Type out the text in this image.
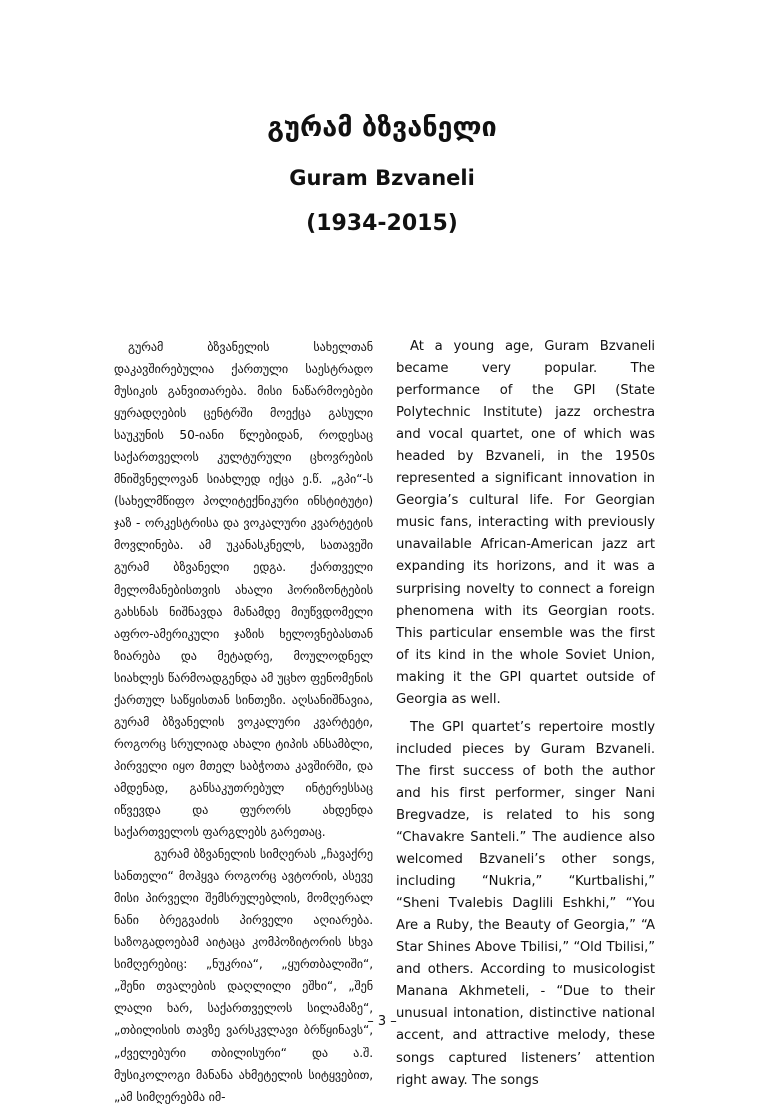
გურამ ბზვანელი
Guram Bzvaneli
(1934-2015)

გურამ ბზვანელის სახელთან დაკავშირებულია ქართული საესტრადო მუსიკის განვითარება. მისი ნაწარმოებები ყურადღების ცენტრში მოექცა გასული საუკუნის 50-იანი წლებიდან, როდესაც საქართველოს კულტურული ცხოვრების მნიშვნელოვან სიახლედ იქცა ე.წ. „გპი“-ს (სახელმწიფო პოლიტექნიკური ინსტიტუტი) ჯაზ - ორკესტრისა და ვოკალური კვარტეტის მოვლინება. ამ უკანასკნელს, სათავეში გურამ ბზვანელი ედგა. ქართველი მელომანებისთვის ახალი ჰორიზონტების გახსნას ნიშნავდა მანამდე მიუწვდომელი აფრო-ამერიკული ჯაზის ხელოვნებასთან ზიარება და მეტადრე, მოულოდნელ სიახლეს წარმოადგენდა ამ უცხო ფენომენის ქართულ საწყისთან სინთეზი. აღსანიშნავია, გურამ ბზვანელის ვოკალური კვარტეტი, როგორც სრულიად ახალი ტიპის ანსამბლი, პირველი იყო მთელ საბჭოთა კავშირში, და ამდენად, განსაკუთრებულ ინტერესსაც იწვევდა და ფურორს ახდენდა საქართველოს ფარგლებს გარეთაც.

გურამ ბზვანელის სიმღერას „ჩავაქრე სანთელი“ მოჰყვა როგორც ავტორის, ასევე მისი პირველი შემსრულებლის, მომღერალ ნანი ბრეგვაძის პირველი აღიარება. საზოგადოებამ აიტაცა კომპოზიტორის სხვა სიმღერებიც: „ნუკრია“, „ყურთბალიში“, „შენი თვალების დაღლილი ეშხი“, „შენ ლალი ხარ, საქართველოს სილამაზე“, „თბილისის თავზე ვარსკვლავი ბრწყინავს“, „ძველებური თბილისური“ და ა.შ. მუსიკოლოგი მანანა ახმეტელის სიტყვებით, „ამ სიმღერებმა იმ-

At a young age, Guram Bzvaneli became very popular. The performance of the GPI (State Polytechnic Institute) jazz orchestra and vocal quartet, one of which was headed by Bzvaneli, in the 1950s represented a significant innovation in Georgia’s cultural life. For Georgian music fans, interacting with previously unavailable African-American jazz art expanding its horizons, and it was a surprising novelty to connect a foreign phenomena with its Georgian roots. This particular ensemble was the first of its kind in the whole Soviet Union, making it the GPI quartet outside of Georgia as well.

The GPI quartet’s repertoire mostly included pieces by Guram Bzvaneli. The first success of both the author and his first performer, singer Nani Bregvadze, is related to his song “Chavakre Santeli.” The audience also welcomed Bzvaneli’s other songs, including “Nukria,” “Kurtbalishi,” “Sheni Tvalebis Daglili Eshkhi,” “You Are a Ruby, the Beauty of Georgia,” “A Star Shines Above Tbilisi,” “Old Tbilisi,” and others. According to musicologist Manana Akhmeteli, - “Due to their unusual intonation, distinctive national accent, and attractive melody, these songs captured listeners’ attention right away. The songs

– 3 –
